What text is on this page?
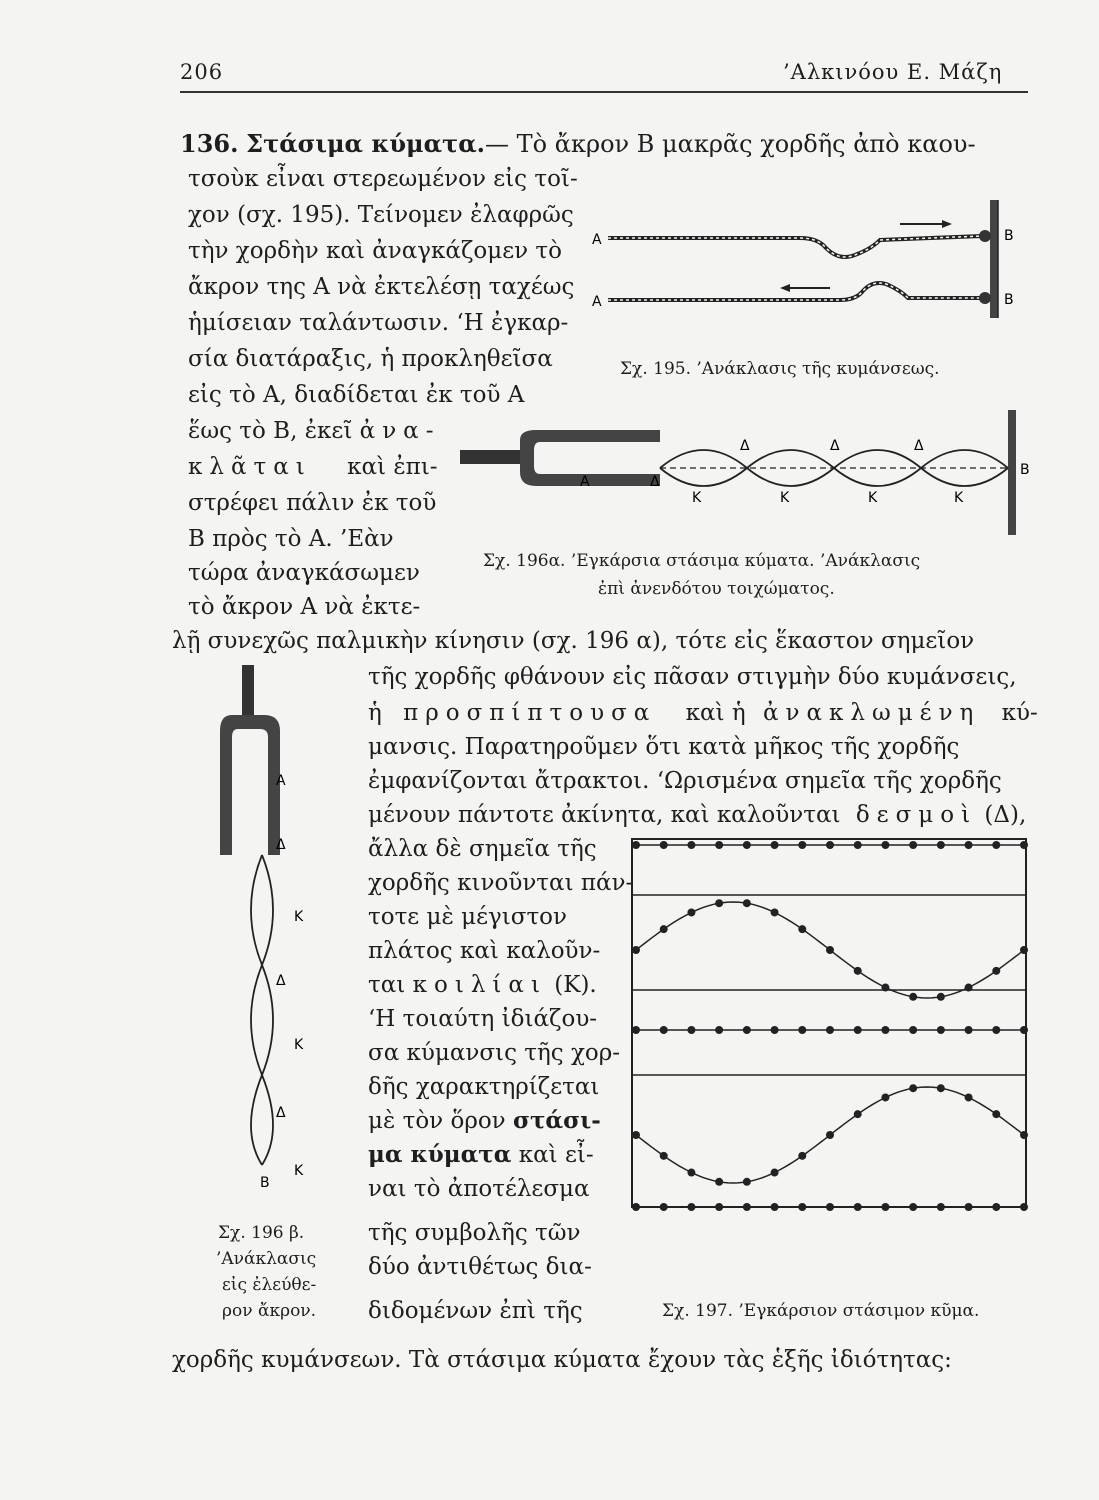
206	’Αλκινόου Ε. Μάζη
136. Στάσιμα κύματα.— Τὸ ἄκρον Β μακρᾶς χορδῆς ἀπὸ καου-
τσοὺκ εἶναι στερεωμένον εἰς τοῖ-
χον (σχ. 195). Τείνομεν ἐλαφρῶς
τὴν χορδὴν καὶ ἀναγκάζομεν τὸ
ἄκρον της Α νὰ ἐκτελέσῃ ταχέως
ἡμίσειαν ταλάντωσιν. ‘Η ἐγκαρ-
σία διατάραξις, ἡ προκληθεῖσα
εἰς τὸ Α, διαδίδεται ἐκ τοῦ Α
ἕως τὸ Β, ἐκεῖ ἀνα-
κλᾶται καὶ ἐπι-
στρέφει πάλιν ἐκ τοῦ
Β πρὸς τὸ Α. ’Εὰν
τώρα ἀναγκάσωμεν
τὸ ἄκρον Α νὰ ἐκτε-
λῇ συνεχῶς παλμικὴν κίνησιν (σχ. 196 α), τότε εἰς ἕκαστον σημεῖον
τῆς χορδῆς φθάνουν εἰς πᾶσαν στιγμὴν δύο κυμάνσεις,
ἡ προσπίπτουσα καὶ ἡ ἀνακλωμένη κύ-
μανσις. Παρατηροῦμεν ὅτι κατὰ μῆκος τῆς χορδῆς
ἐμφανίζονται ἄτρακτοι. ‘Ωρισμένα σημεῖα τῆς χορδῆς
μένουν πάντοτε ἀκίνητα, καὶ καλοῦνται δεσμοὶ (Δ),
ἄλλα δὲ σημεῖα τῆς
χορδῆς κινοῦνται πάν-
τοτε μὲ μέγιστον
πλάτος καὶ καλοῦν-
ται κοιλίαι (Κ).
‘Η τοιαύτη ἰδιάζου-
σα κύμανσις τῆς χορ-
δῆς χαρακτηρίζεται
μὲ τὸν ὅρον στάσι-
μα κύματα καὶ εἶ-
ναι τὸ ἀποτέλεσμα
τῆς συμβολῆς τῶν
δύο ἀντιθέτως δια-
διδομένων ἐπὶ τῆς
χορδῆς κυμάνσεων. Τὰ στάσιμα κύματα ἔχουν τὰς ἑξῆς ἰδιότητας:
Α
Α
Β
Β
Σχ. 195. ’Ανάκλασις τῆς κυμάνσεως.
Α	Δ
Δ	Δ	Δ
Κ	Κ	Κ	Κ
Β
Σχ. 196α. ’Εγκάρσια στάσιμα κύματα. ’Ανάκλασις
ἐπὶ ἀνενδότου τοιχώματος.
Α
Δ
Κ
Δ
Κ
Δ
Κ
Β
Σχ. 196 β.
’Ανάκλασις
εἰς ἐλεύθε-
ρον ἄκρον.	Σχ. 197. ’Εγκάρσιον στάσιμον κῦμα.
